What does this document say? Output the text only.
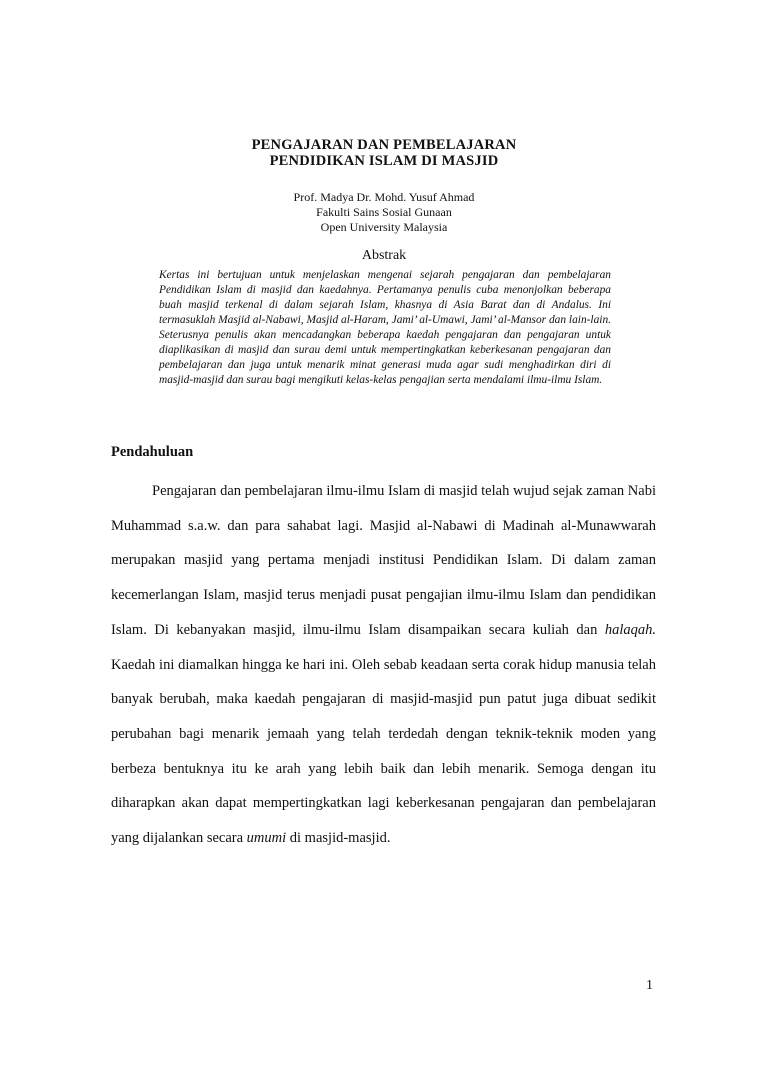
PENGAJARAN DAN PEMBELAJARAN
PENDIDIKAN ISLAM DI MASJID
Prof. Madya Dr. Mohd. Yusuf Ahmad
Fakulti Sains Sosial Gunaan
Open University Malaysia
Abstrak
Kertas ini bertujuan untuk menjelaskan mengenai sejarah pengajaran dan pembelajaran Pendidikan Islam di masjid dan kaedahnya. Pertamanya penulis cuba menonjolkan beberapa buah masjid terkenal di dalam sejarah Islam, khasnya di Asia Barat dan di Andalus. Ini termasuklah Masjid al-Nabawi, Masjid al-Haram, Jami’ al-Umawi, Jami’ al-Mansor dan lain-lain. Seterusnya penulis akan mencadangkan beberapa kaedah pengajaran dan pengajaran untuk diaplikasikan di masjid dan surau demi untuk mempertingkatkan keberkesanan pengajaran dan pembelajaran dan juga untuk menarik minat generasi muda agar sudi menghadirkan diri di masjid-masjid dan surau bagi mengikuti kelas-kelas pengajian serta mendalami ilmu-ilmu Islam.
Pendahuluan

Pengajaran dan pembelajaran ilmu-ilmu Islam di masjid telah wujud sejak zaman Nabi Muhammad s.a.w. dan para sahabat lagi. Masjid al-Nabawi di Madinah al-Munawwarah merupakan masjid yang pertama menjadi institusi Pendidikan Islam. Di dalam zaman kecemerlangan Islam, masjid terus menjadi pusat pengajian ilmu-ilmu Islam dan pendidikan Islam. Di kebanyakan masjid, ilmu-ilmu Islam disampaikan secara kuliah dan halaqah. Kaedah ini diamalkan hingga ke hari ini. Oleh sebab keadaan serta corak hidup manusia telah banyak berubah, maka kaedah pengajaran di masjid-masjid pun patut juga dibuat sedikit perubahan bagi menarik jemaah yang telah terdedah dengan teknik-teknik moden yang berbeza bentuknya itu ke arah yang lebih baik dan lebih menarik. Semoga dengan itu diharapkan akan dapat mempertingkatkan lagi keberkesanan pengajaran dan pembelajaran yang dijalankan secara umumi di masjid-masjid.

1
